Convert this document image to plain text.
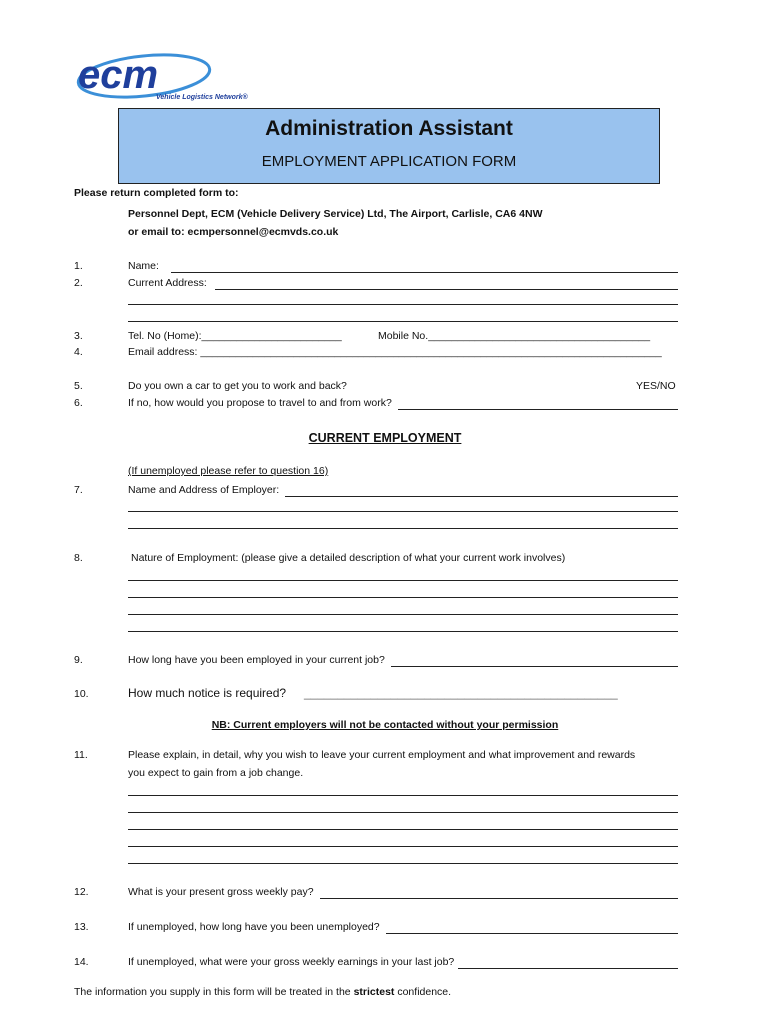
ecm
Vehicle Logistics Network®
Administration Assistant
EMPLOYMENT APPLICATION FORM
Please return completed form to:
Personnel Dept, ECM (Vehicle Delivery Service) Ltd, The Airport, Carlisle, CA6 4NW
or email to: ecmpersonnel@ecmvds.co.uk
1.	Name:
2.	Current Address:
3.	Tel. No (Home):________________________	Mobile No.______________________________________
4.	Email address: _______________________________________________________________________________
5.	Do you own a car to get you to work and back?	YES/NO
6.	If no, how would you propose to travel to and from work?
CURRENT EMPLOYMENT
(If unemployed please refer to question 16)
7.	Name and Address of Employer:
8.	Nature of Employment: (please give a detailed description of what your current work involves)
9.	How long have you been employed in your current job?
10.	How much notice is required? _______________________________________________
NB: Current employers will not be contacted without your permission
11.	Please explain, in detail, why you wish to leave your current employment and what improvement and rewards
you expect to gain from a job change.
12.	What is your present gross weekly pay?
13.	If unemployed, how long have you been unemployed?
14.	If unemployed, what were your gross weekly earnings in your last job?
The information you supply in this form will be treated in the strictest confidence.
